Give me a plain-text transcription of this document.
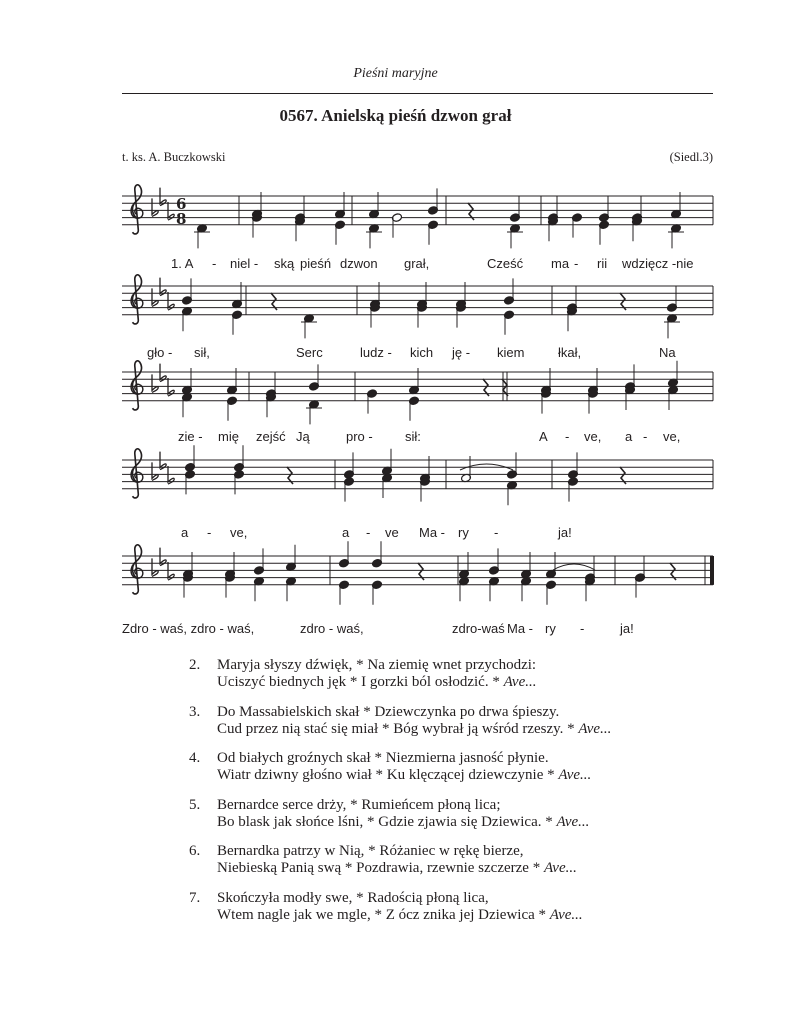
Pieśni maryjne
0567. Anielską pieśń dzwon grał
t. ks. A. Buczkowski	(Siedl.3)
6
8
1. A - niel - ską pieśń dzwon grał,	Cześć ma - rii wdzięcz -nie
gło - sił,	Serc	ludz - kich ję - kiem	łkał,	Na
zie - mię zejść Ją	pro - sił:	A - ve, a - ve,
a - ve,	a - ve Ma - ry -	ja!
Zdro - waś, zdro - waś,	zdro - waś,	zdro-waś Ma - ry -	ja!
2. Maryja słyszy dźwięk, * Na ziemię wnet przychodzi:
Uciszyć biednych jęk * I gorzki ból osłodzić. * Ave...
3. Do Massabielskich skał * Dziewczynka po drwa śpieszy.
Cud przez nią stać się miał * Bóg wybrał ją wśród rzeszy. * Ave...
4. Od białych groźnych skał * Niezmierna jasność płynie.
Wiatr dziwny głośno wiał * Ku klęczącej dziewczynie * Ave...
5. Bernardce serce drży, * Rumieńcem płoną lica;
Bo blask jak słońce lśni, * Gdzie zjawia się Dziewica. * Ave...
6. Bernardka patrzy w Nią, * Różaniec w rękę bierze,
Niebieską Panią swą * Pozdrawia, rzewnie szczerze * Ave...
7. Skończyła modły swe, * Radością płoną lica,
Wtem nagle jak we mgle, * Z ócz znika jej Dziewica * Ave...
